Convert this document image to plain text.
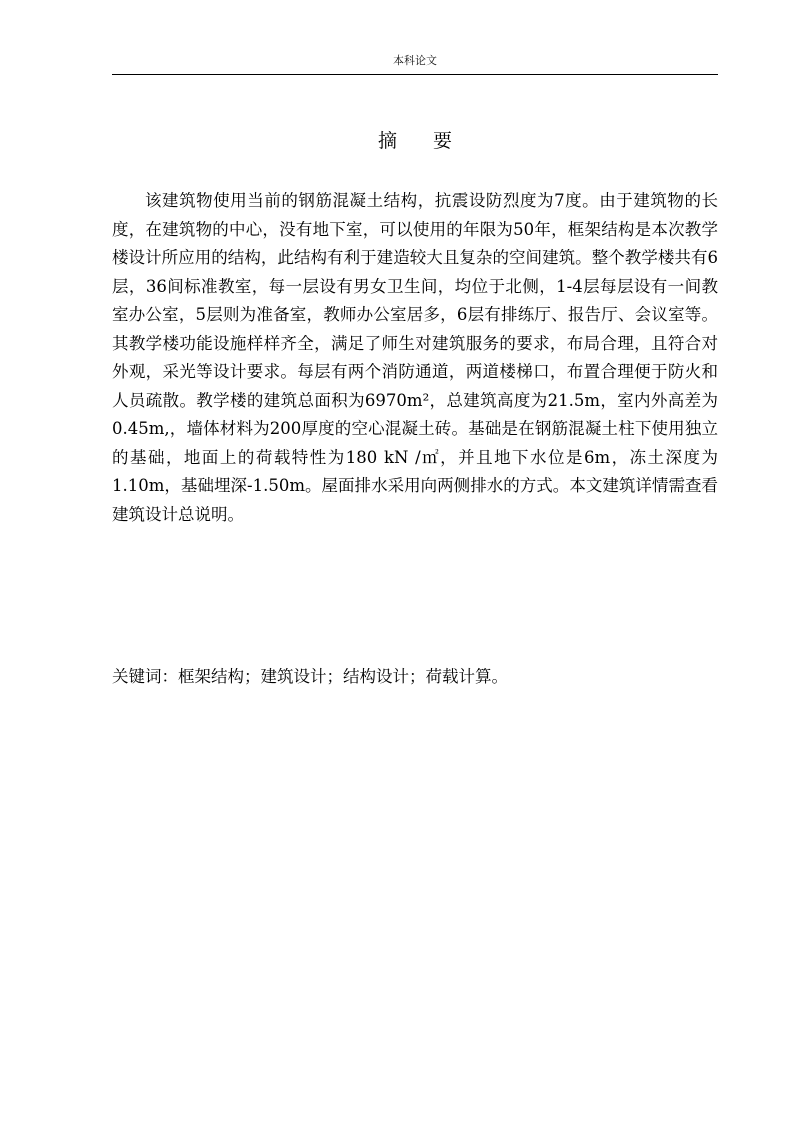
本科论文
摘要

该建筑物使用当前的钢筋混凝土结构，抗震设防烈度为7度。由于建筑物的长度，在建筑物的中心，没有地下室，可以使用的年限为50年，框架结构是本次教学楼设计所应用的结构，此结构有利于建造较大且复杂的空间建筑。整个教学楼共有6层，36间标准教室，每一层设有男女卫生间，均位于北侧，1-4层每层设有一间教室办公室，5层则为准备室，教师办公室居多，6层有排练厅、报告厅、会议室等。其教学楼功能设施样样齐全，满足了师生对建筑服务的要求，布局合理，且符合对外观，采光等设计要求。每层有两个消防通道，两道楼梯口，布置合理便于防火和人员疏散。教学楼的建筑总面积为6970m²，总建筑高度为21.5m，室内外高差为0.45m,，墙体材料为200厚度的空心混凝土砖。基础是在钢筋混凝土柱下使用独立的基础，地面上的荷载特性为180 kN /㎡，并且地下水位是6m，冻土深度为1.10m，基础埋深-1.50m。屋面排水采用向两侧排水的方式。本文建筑详情需查看建筑设计总说明。

关键词：框架结构；建筑设计；结构设计；荷载计算。
